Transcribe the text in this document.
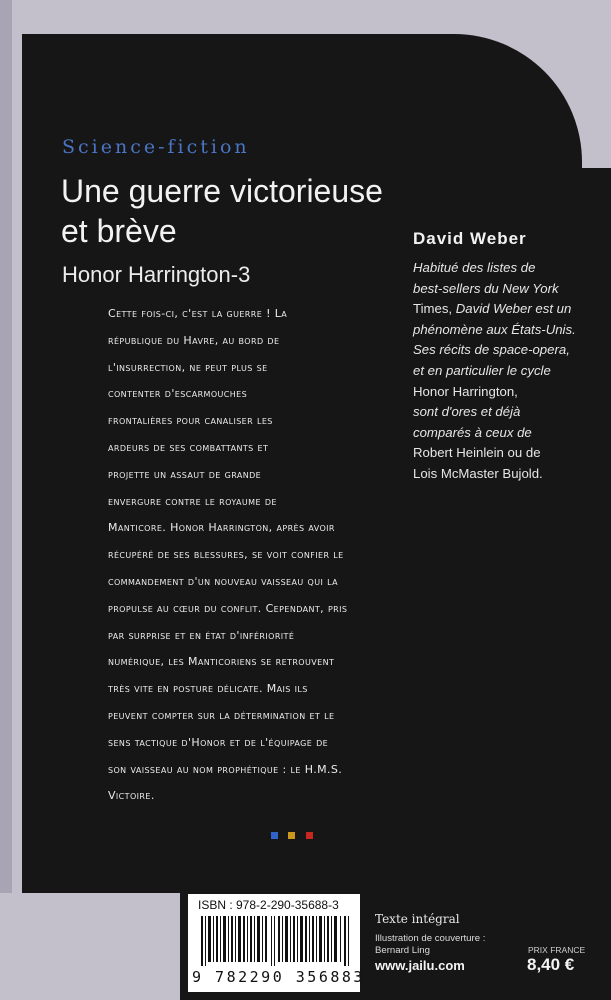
Science-fiction

Une guerre victorieuse
et brève

Honor Harrington-3

David Weber

Habitué des listes de
best-sellers du New York
Times, David Weber est un
phénomène aux États-Unis.
Ses récits de space-opera,
et en particulier le cycle
Honor Harrington,
sont d'ores et déjà
comparés à ceux de
Robert Heinlein ou de
Lois McMaster Bujold.

Cette fois-ci, c'est la guerre ! La
république du Havre, au bord de
l'insurrection, ne peut plus se
contenter d'escarmouches
frontalières pour canaliser les
ardeurs de ses combattants et
projette un assaut de grande
envergure contre le royaume de
Manticore. Honor Harrington, après avoir
récupéré de ses blessures, se voit confier le
commandement d'un nouveau vaisseau qui la
propulse au cœur du conflit. Cependant, pris
par surprise et en état d'infériorité
numérique, les Manticoriens se retrouvent
très vite en posture délicate. Mais ils
peuvent compter sur la détermination et le
sens tactique d'Honor et de l'équipage de
son vaisseau au nom prophétique : le H.M.S.
Victoire.

ISBN : 978-2-290-35688-3

9 782290 356883

Texte intégral

Illustration de couverture : Bernard Ling

www.jailu.com

PRIX FRANCE

8,40 €
